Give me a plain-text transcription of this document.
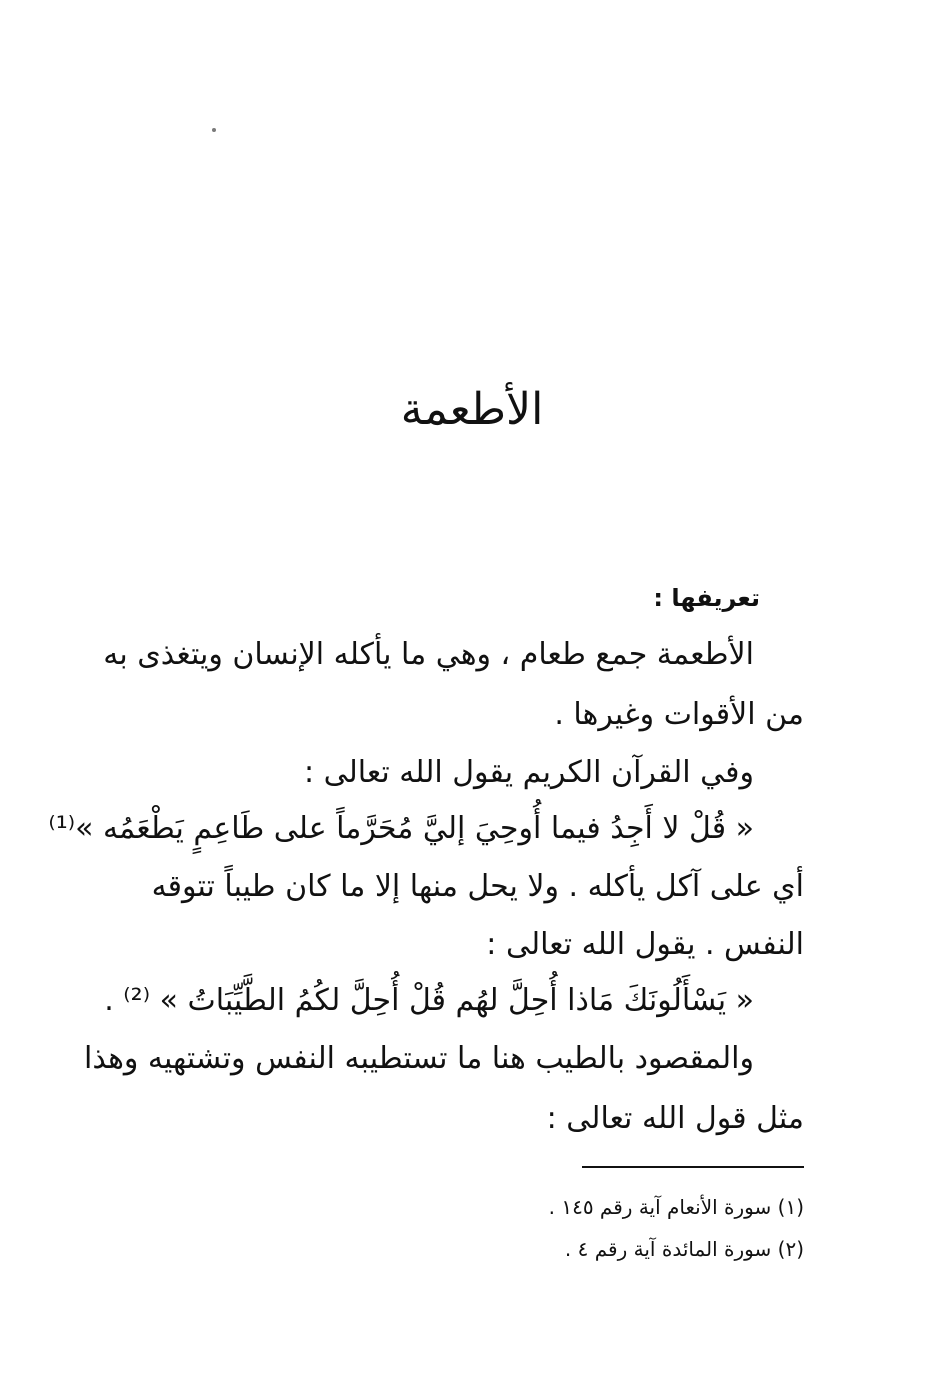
الأطعمة
تعريفها :
الأطعمة جمع طعام ، وهي ما يأكله الإنسان ويتغذى به
من الأقوات وغيرها .
وفي القرآن الكريم يقول الله تعالى :
« قُلْ لا أَجِدُ فيما أُوحِيَ إليَّ مُحَرَّماً على طَاعِمٍ يَطْعَمُه »⁽¹⁾
أي على آكل يأكله . ولا يحل منها إلا ما كان طيباً تتوقه
النفس . يقول الله تعالى :
« يَسْأَلُونَكَ مَاذا أُحِلَّ لهُم قُلْ أُحِلَّ لكُمُ الطَّيِّبَاتُ » ⁽²⁾ .
والمقصود بالطيب هنا ما تستطيبه النفس وتشتهيه وهذا
مثل قول الله تعالى :
(١) سورة الأنعام آية رقم ١٤٥ .
(٢) سورة المائدة آية رقم ٤ .
